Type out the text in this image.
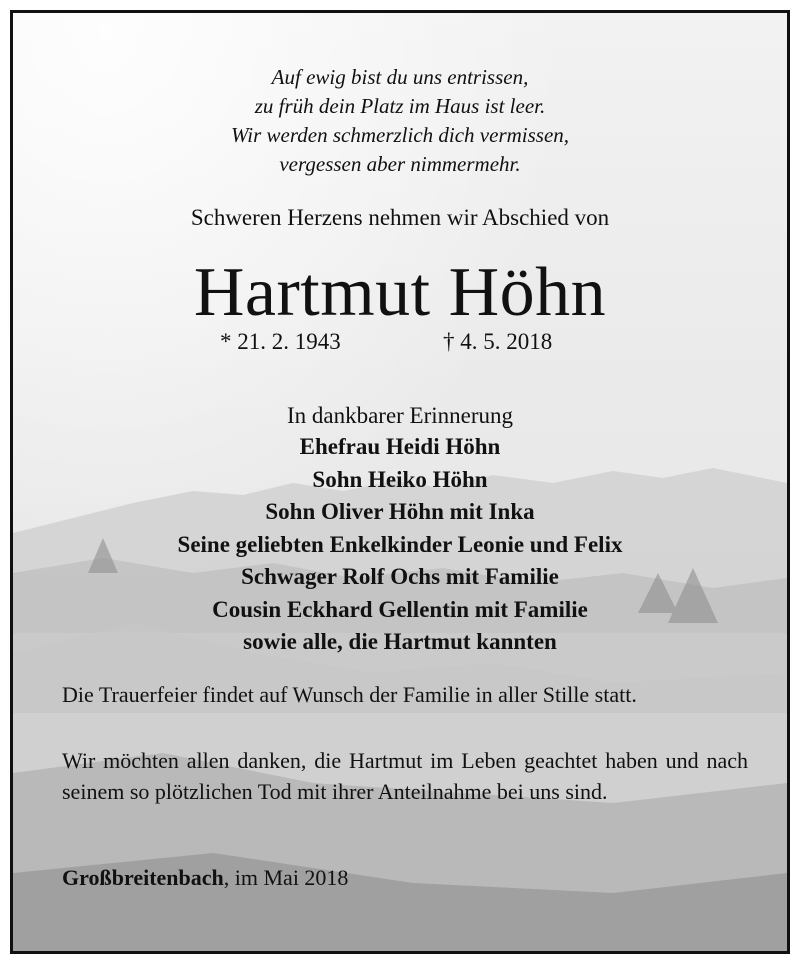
Auf ewig bist du uns entrissen,
zu früh dein Platz im Haus ist leer.
Wir werden schmerzlich dich vermissen,
vergessen aber nimmermehr.
Schweren Herzens nehmen wir Abschied von
Hartmut Höhn
* 21. 2. 1943	† 4. 5. 2018
In dankbarer Erinnerung
Ehefrau Heidi Höhn
Sohn Heiko Höhn
Sohn Oliver Höhn mit Inka
Seine geliebten Enkelkinder Leonie und Felix
Schwager Rolf Ochs mit Familie
Cousin Eckhard Gellentin mit Familie
sowie alle, die Hartmut kannten
Die Trauerfeier findet auf Wunsch der Familie in aller Stille statt.
Wir möchten allen danken, die Hartmut im Leben geachtet haben und nach seinem so plötzlichen Tod mit ihrer Anteilnahme bei uns sind.
Großbreitenbach, im Mai 2018
